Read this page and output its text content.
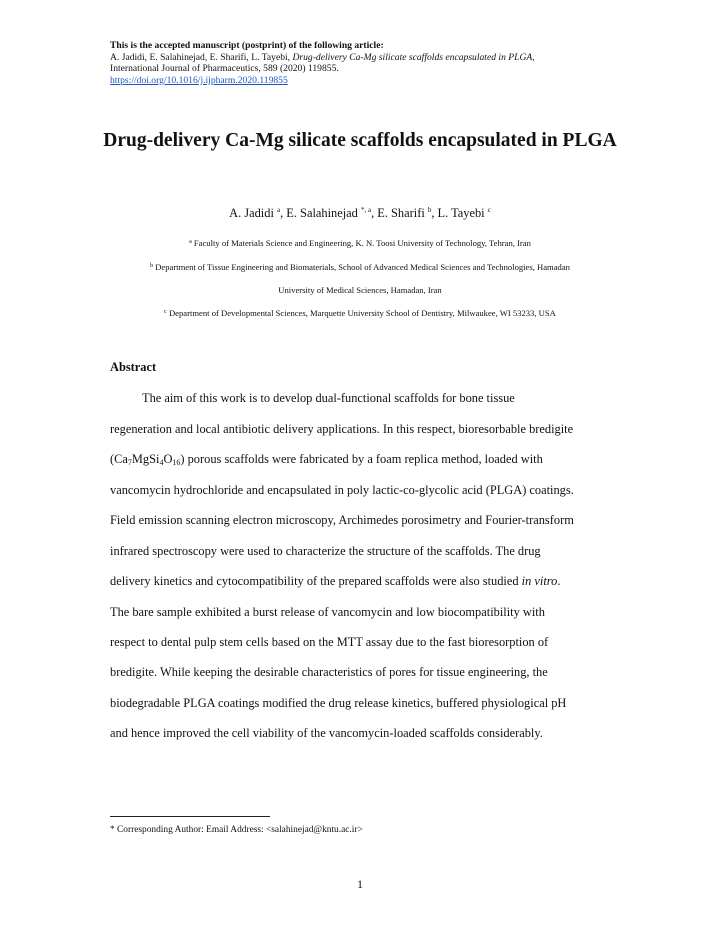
This is the accepted manuscript (postprint) of the following article:
A. Jadidi, E. Salahinejad, E. Sharifi, L. Tayebi, Drug-delivery Ca-Mg silicate scaffolds encapsulated in PLGA,
International Journal of Pharmaceutics, 589 (2020) 119855.
https://doi.org/10.1016/j.ijpharm.2020.119855
Drug-delivery Ca-Mg silicate scaffolds encapsulated in PLGA
A. Jadidi $^a$, E. Salahinejad $^{*, a}$, E. Sharifi $^b$, L. Tayebi $^c$
$^a$ Faculty of Materials Science and Engineering, K. N. Toosi University of Technology, Tehran, Iran
$^b$ Department of Tissue Engineering and Biomaterials, School of Advanced Medical Sciences and Technologies, Hamadan
University of Medical Sciences, Hamadan, Iran
$^c$ Department of Developmental Sciences, Marquette University School of Dentistry, Milwaukee, WI 53233, USA
Abstract
The aim of this work is to develop dual-functional scaffolds for bone tissue
regeneration and local antibiotic delivery applications. In this respect, bioresorbable bredigite
$(Ca_7MgSi_4O_{16})$ porous scaffolds were fabricated by a foam replica method, loaded with
vancomycin hydrochloride and encapsulated in poly lactic-co-glycolic acid (PLGA) coatings.
Field emission scanning electron microscopy, Archimedes porosimetry and Fourier-transform
infrared spectroscopy were used to characterize the structure of the scaffolds. The drug
delivery kinetics and cytocompatibility of the prepared scaffolds were also studied in vitro.
The bare sample exhibited a burst release of vancomycin and low biocompatibility with
respect to dental pulp stem cells based on the MTT assay due to the fast bioresorption of
bredigite. While keeping the desirable characteristics of pores for tissue engineering, the
biodegradable PLGA coatings modified the drug release kinetics, buffered physiological pH
and hence improved the cell viability of the vancomycin-loaded scaffolds considerably.
* Corresponding Author: Email Address: <salahinejad@kntu.ac.ir>
1
